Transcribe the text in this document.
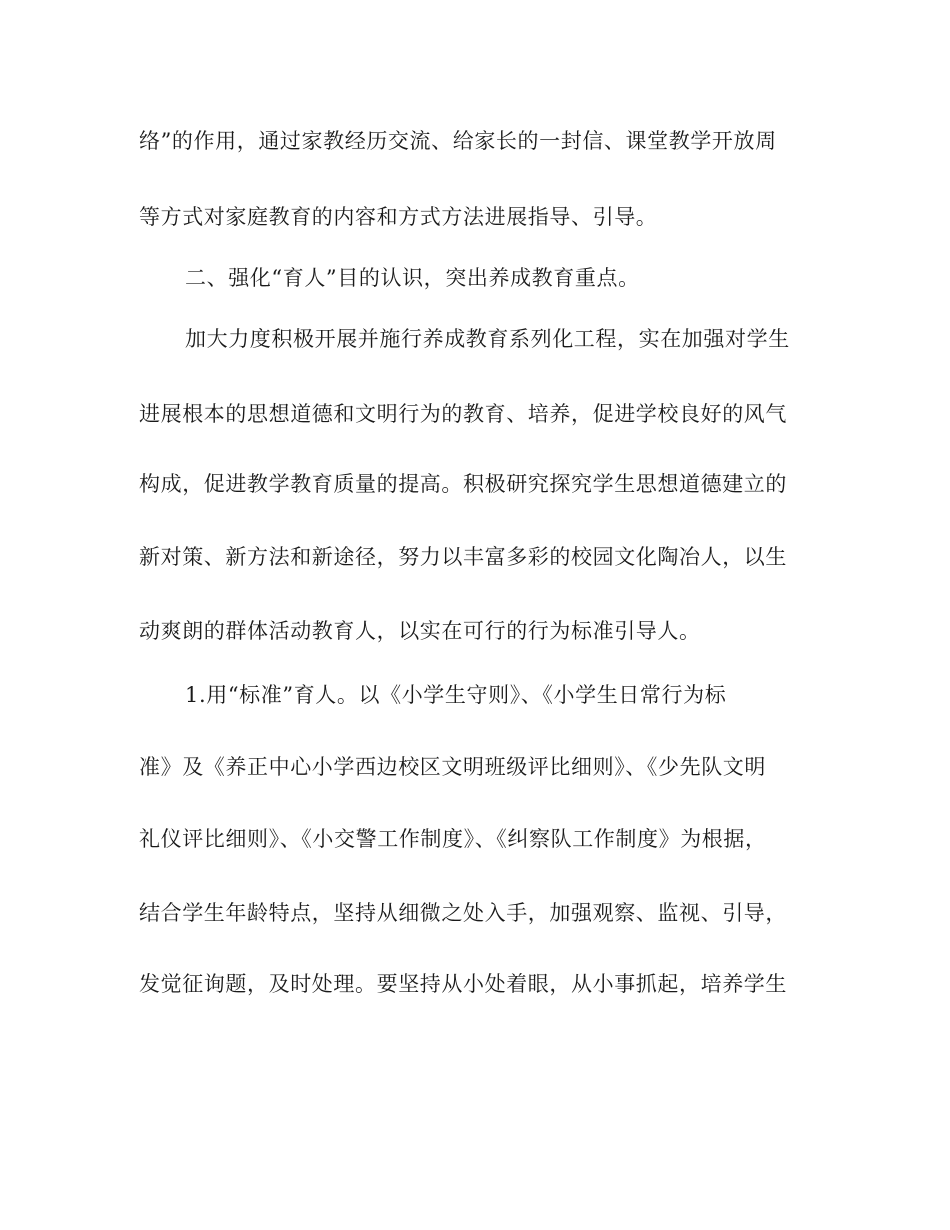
络”的作用，通过家教经历交流、给家长的一封信、课堂教学开放周

等方式对家庭教育的内容和方式方法进展指导、引导。

二、强化“育人”目的认识，突出养成教育重点。

加大力度积极开展并施行养成教育系列化工程，实在加强对学生

进展根本的思想道德和文明行为的教育、培养，促进学校良好的风气

构成，促进教学教育质量的提高。积极研究探究学生思想道德建立的

新对策、新方法和新途径，努力以丰富多彩的校园文化陶冶人，以生

动爽朗的群体活动教育人，以实在可行的行为标准引导人。

1.用“标准”育人。以《小学生守则》、《小学生日常行为标

准》及《养正中心小学西边校区文明班级评比细则》、《少先队文明

礼仪评比细则》、《小交警工作制度》、《纠察队工作制度》为根据，

结合学生年龄特点，坚持从细微之处入手，加强观察、监视、引导，

发觉征询题，及时处理。要坚持从小处着眼，从小事抓起，培养学生
